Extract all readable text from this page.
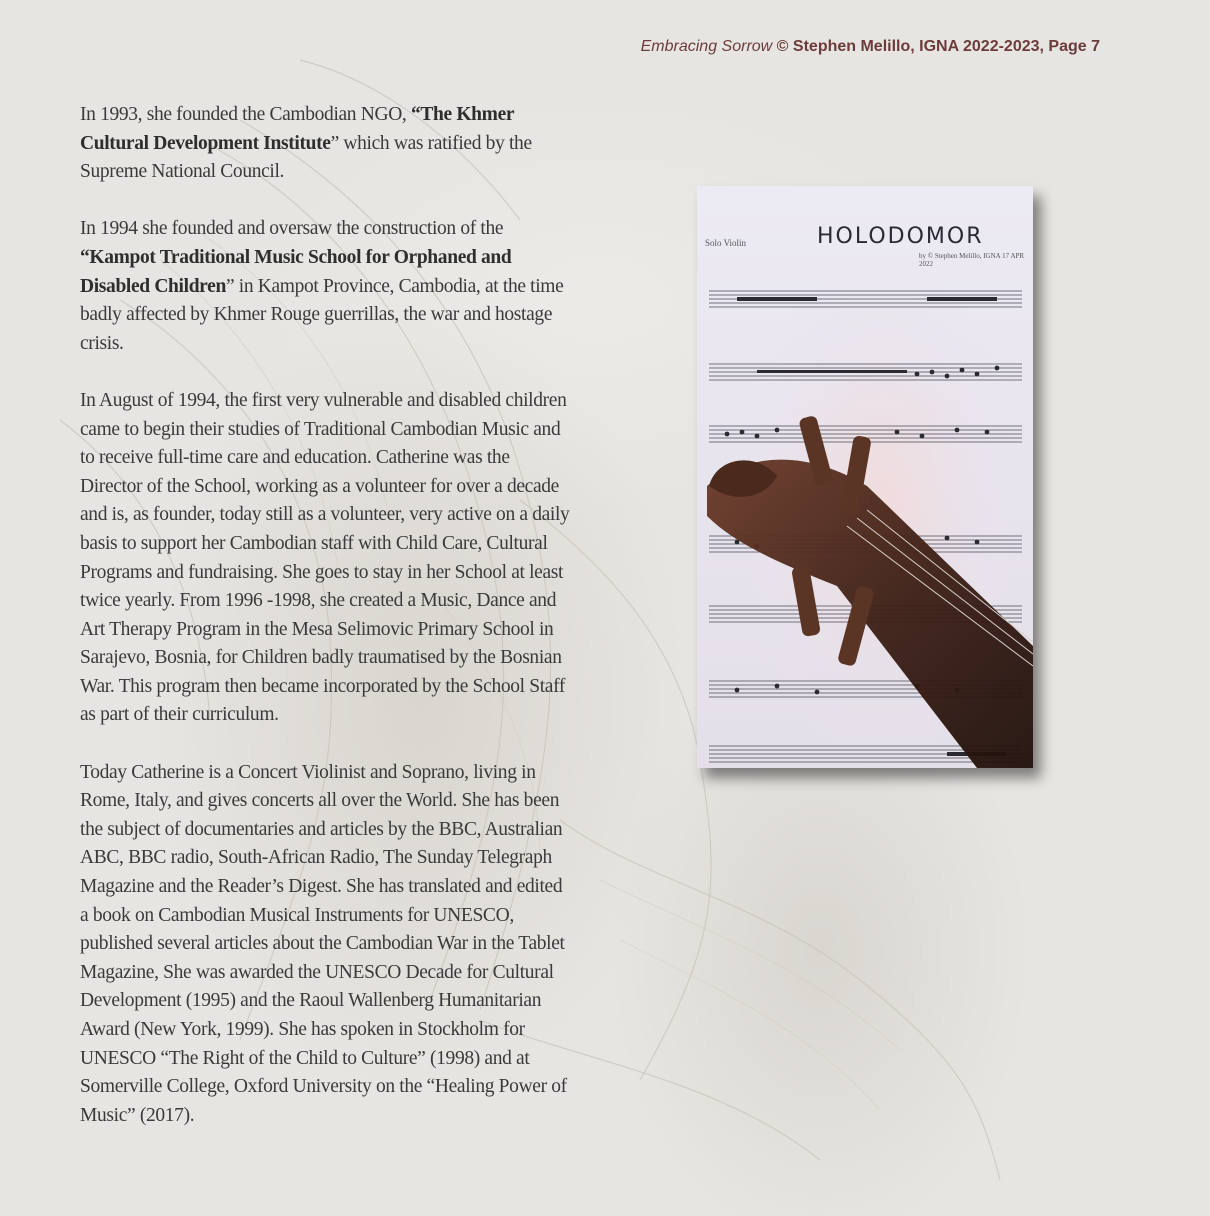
Embracing Sorrow © Stephen Melillo, IGNA 2022-2023, Page 7

In 1993, she founded the Cambodian NGO, “The Khmer Cultural Development Institute” which was ratified by the Supreme National Council.

In 1994 she founded and oversaw the construction of the “Kampot Traditional Music School for Orphaned and Disabled Children” in Kampot Province, Cambodia, at the time badly affected by Khmer Rouge guerrillas, the war and hostage crisis.

In August of 1994, the first very vulnerable and disabled children came to begin their studies of Traditional Cambodian Music and to receive full-time care and education. Catherine was the Director of the School, working as a volunteer for over a decade and is, as founder, today still as a volunteer, very active on a daily basis to support her Cambodian staff with Child Care, Cultural Programs and fundraising. She goes to stay in her School at least twice yearly. From 1996 -1998, she created a Music, Dance and Art Therapy Program in the Mesa Selimovic Primary School in Sarajevo, Bosnia, for Children badly traumatised by the Bosnian War. This program then became incorporated by the School Staff as part of their curriculum.

Today Catherine is a Concert Violinist and Soprano, living in Rome, Italy, and gives concerts all over the World. She has been the subject of documentaries and articles by the BBC, Australian ABC, BBC radio, South-African Radio, The Sunday Telegraph Magazine and the Reader’s Digest. She has translated and edited a book on Cambodian Musical Instruments for UNESCO, published several articles about the Cambodian War in the Tablet Magazine, She was awarded the UNESCO Decade for Cultural Development (1995) and the Raoul Wallenberg Humanitarian Award (New York, 1999). She has spoken in Stockholm for UNESCO “The Right of the Child to Culture” (1998) and at Somerville College, Oxford University on the “Healing Power of Music” (2017).

HOLODOMOR
Solo Violin
by © Stephen Melillo, IGNA 17 APR 2022
